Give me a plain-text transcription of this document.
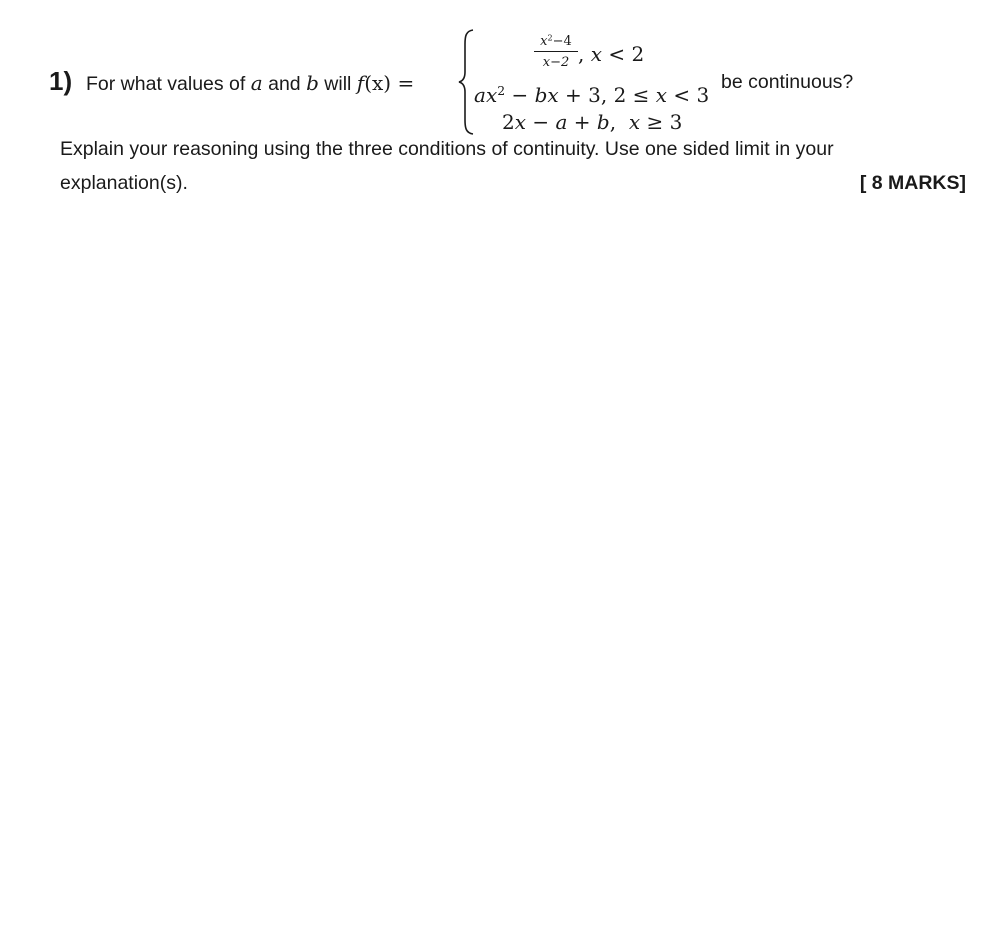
1) For what values of a and b will f(x) =
$x^2-4$
x−2 , x < 2
$ax^2$ − bx + 3, 2 ≤ x < 3
2x − a + b,  x ≥ 3
be continuous?
Explain your reasoning using the three conditions of continuity. Use one sided limit in your
explanation(s).	[ 8 MARKS]
